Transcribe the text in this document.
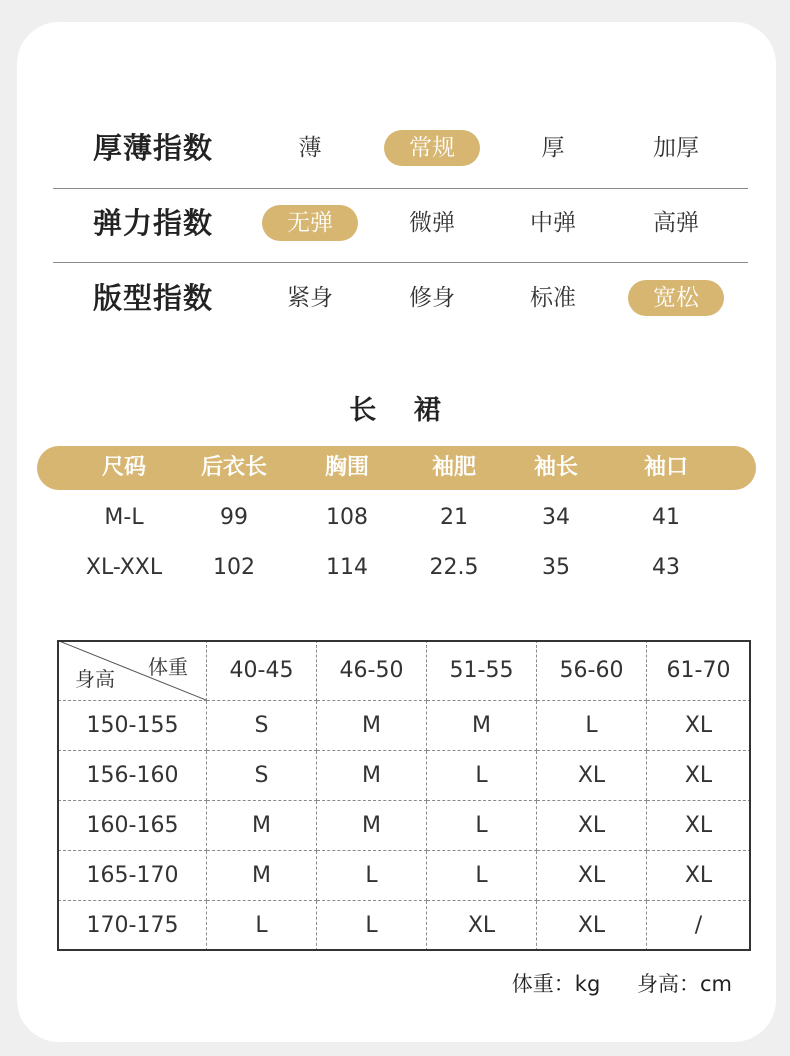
厚薄指数	薄	常规	厚	加厚
弹力指数	无弹	微弹	中弹	高弹
版型指数	紧身	修身	标准	宽松
长 裙
尺码	后衣长	胸围	袖肥	袖长	袖口
M-L	99	108	21	34	41
XL-XXL	102	114	22.5	35	43
体重
身高	40-45	46-50	51-55	56-60	61-70
150-155	S	M	M	L	XL
156-160	S	M	L	XL	XL
160-165	M	M	L	XL	XL
165-170	M	L	L	XL	XL
170-175	L	L	XL	XL	/
体重：kg 身高：cm
